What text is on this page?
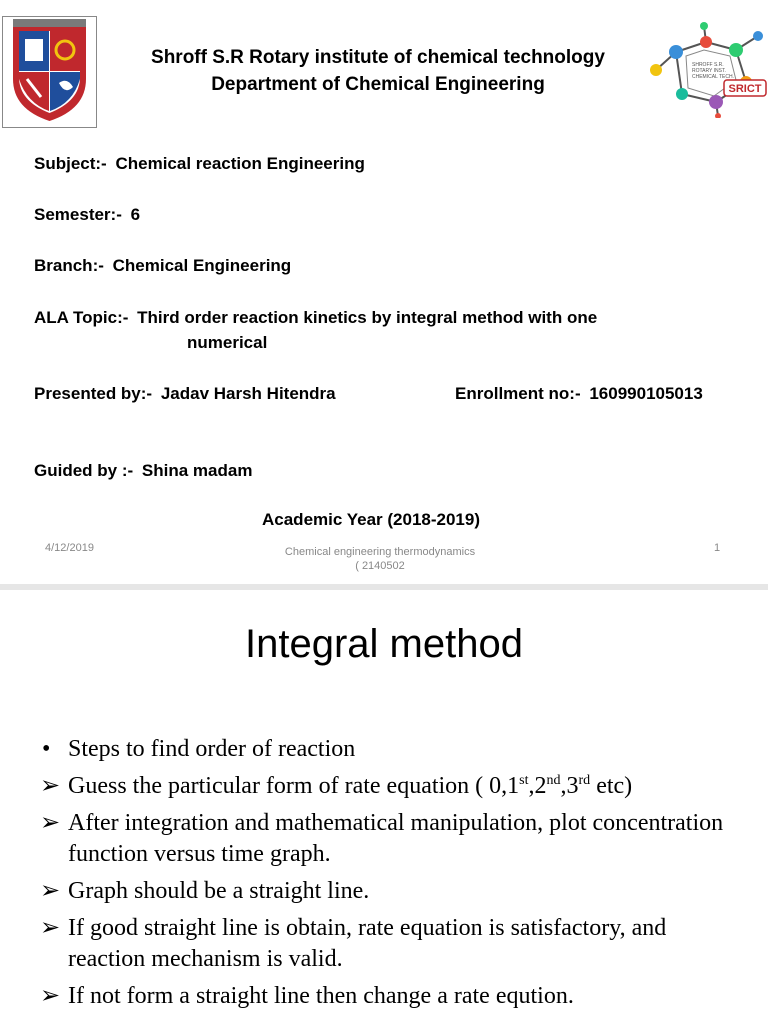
Shroff S.R Rotary institute of chemical technology
Department of Chemical Engineering
SHROFF S.R.
ROTARY INST.
CHEMICAL TECH.
SRICT
Subject:- Chemical reaction Engineering
Semester:- 6
Branch:- Chemical Engineering
ALA Topic:- Third order reaction kinetics by integral method with one
numerical
Presented by:- Jadav Harsh Hitendra	Enrollment no:- 160990105013
Guided by :- Shina madam
Academic Year (2018-2019)
4/12/2019	Chemical engineering thermodynamics
( 2140502
1
Integral method
• Steps to find order of reaction
➢ Guess the particular form of rate equation ( 0,1st,2nd,3rd etc)
➢ After integration and mathematical manipulation, plot concentration function versus time graph.
➢ Graph should be a straight line.
➢ If good straight line is obtain, rate equation is satisfactory, and reaction mechanism is valid.
➢ If not form a straight line then change a rate eqution.
